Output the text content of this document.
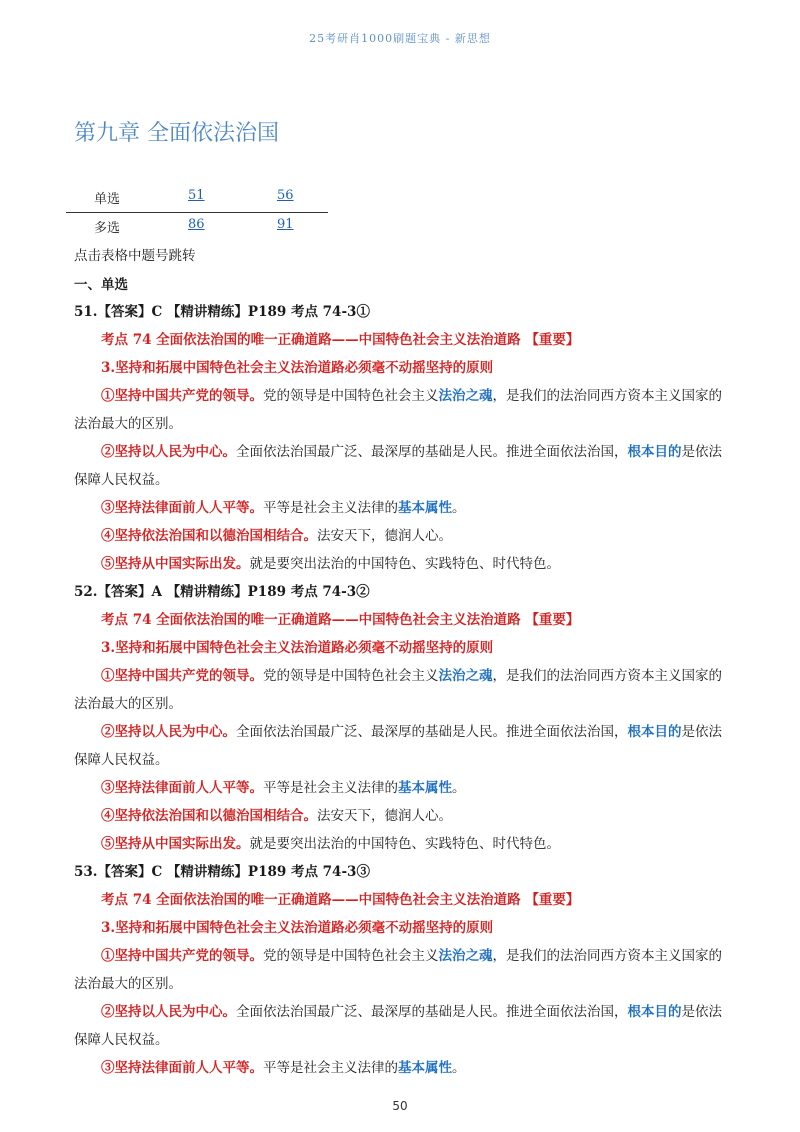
25考研肖1000刷题宝典 - 新思想
第九章 全面依法治国
单选	51	56
多选	86	91
点击表格中题号跳转
一、单选
51.【答案】C 【精讲精练】P189 考点 74-3①
考点 74 全面依法治国的唯一正确道路——中国特色社会主义法治道路 【重要】
3.坚持和拓展中国特色社会主义法治道路必须毫不动摇坚持的原则
①坚持中国共产党的领导。党的领导是中国特色社会主义法治之魂，是我们的法治同西方资本主义国家的法治最大的区别。
②坚持以人民为中心。全面依法治国最广泛、最深厚的基础是人民。推进全面依法治国，根本目的是依法保障人民权益。
③坚持法律面前人人平等。平等是社会主义法律的基本属性。
④坚持依法治国和以德治国相结合。法安天下，德润人心。
⑤坚持从中国实际出发。就是要突出法治的中国特色、实践特色、时代特色。
52.【答案】A 【精讲精练】P189 考点 74-3②
考点 74 全面依法治国的唯一正确道路——中国特色社会主义法治道路 【重要】
3.坚持和拓展中国特色社会主义法治道路必须毫不动摇坚持的原则
①坚持中国共产党的领导。党的领导是中国特色社会主义法治之魂，是我们的法治同西方资本主义国家的法治最大的区别。
②坚持以人民为中心。全面依法治国最广泛、最深厚的基础是人民。推进全面依法治国，根本目的是依法保障人民权益。
③坚持法律面前人人平等。平等是社会主义法律的基本属性。
④坚持依法治国和以德治国相结合。法安天下，德润人心。
⑤坚持从中国实际出发。就是要突出法治的中国特色、实践特色、时代特色。
53.【答案】C 【精讲精练】P189 考点 74-3③
考点 74 全面依法治国的唯一正确道路——中国特色社会主义法治道路 【重要】
3.坚持和拓展中国特色社会主义法治道路必须毫不动摇坚持的原则
①坚持中国共产党的领导。党的领导是中国特色社会主义法治之魂，是我们的法治同西方资本主义国家的法治最大的区别。
②坚持以人民为中心。全面依法治国最广泛、最深厚的基础是人民。推进全面依法治国，根本目的是依法保障人民权益。
③坚持法律面前人人平等。平等是社会主义法律的基本属性。
50
